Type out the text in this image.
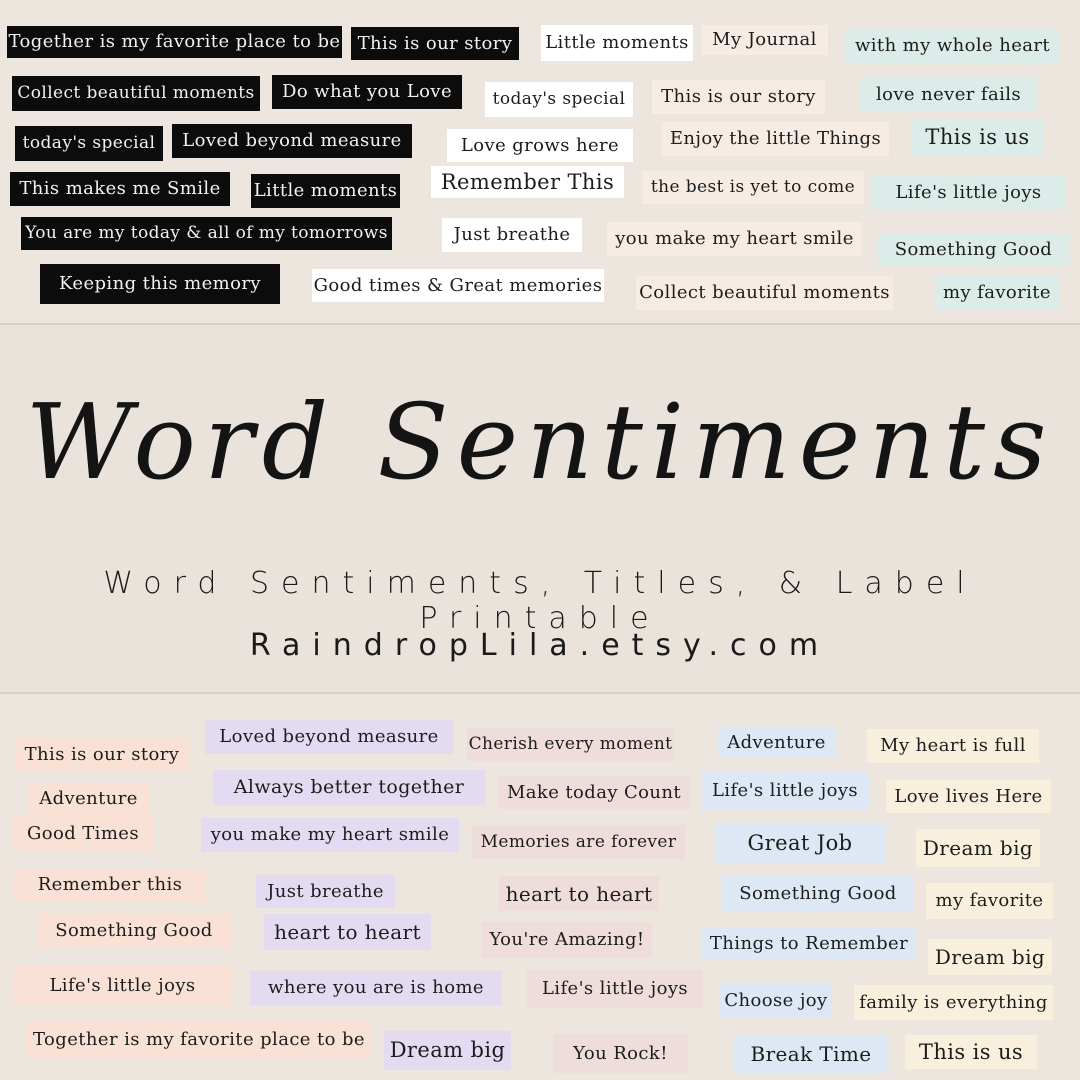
Together is my favorite place to be This is our story	Little moments	My Journal	with my whole heart
Collect beautiful moments	Do what you Love	today's special	This is our story	love never fails
today's special	Loved beyond measure	Love grows here	Enjoy the little Things	This is us
This makes me Smile	Little moments	Remember This	the best is yet to come	Life's little joys
You are my today & all of my tomorrows	Just breathe	you make my heart smile	Something Good
Keeping this memory	Good times & Great memories Collect beautiful moments	my favorite
Word Sentiments
Word Sentiments, Titles, & Label Printable
RaindropLila.etsy.com
This is our story
Loved beyond measure	Cherish every moment	Adventure	My heart is full
Adventure
Always better together	Make today Count	Life's little joys	Love lives Here
Good Times	you make my heart smile	Memories are forever	Great Job	Dream big
Remember this	Just breathe	heart to heart	Something Good	my favorite
Something Good	heart to heart	You're Amazing!	Things to Remember
Dream big
Life's little joys	where you are is home	Life's little joys
Choose joy family is everything
Together is my favorite place to be	Dream big	You Rock!	Break Time	This is us
